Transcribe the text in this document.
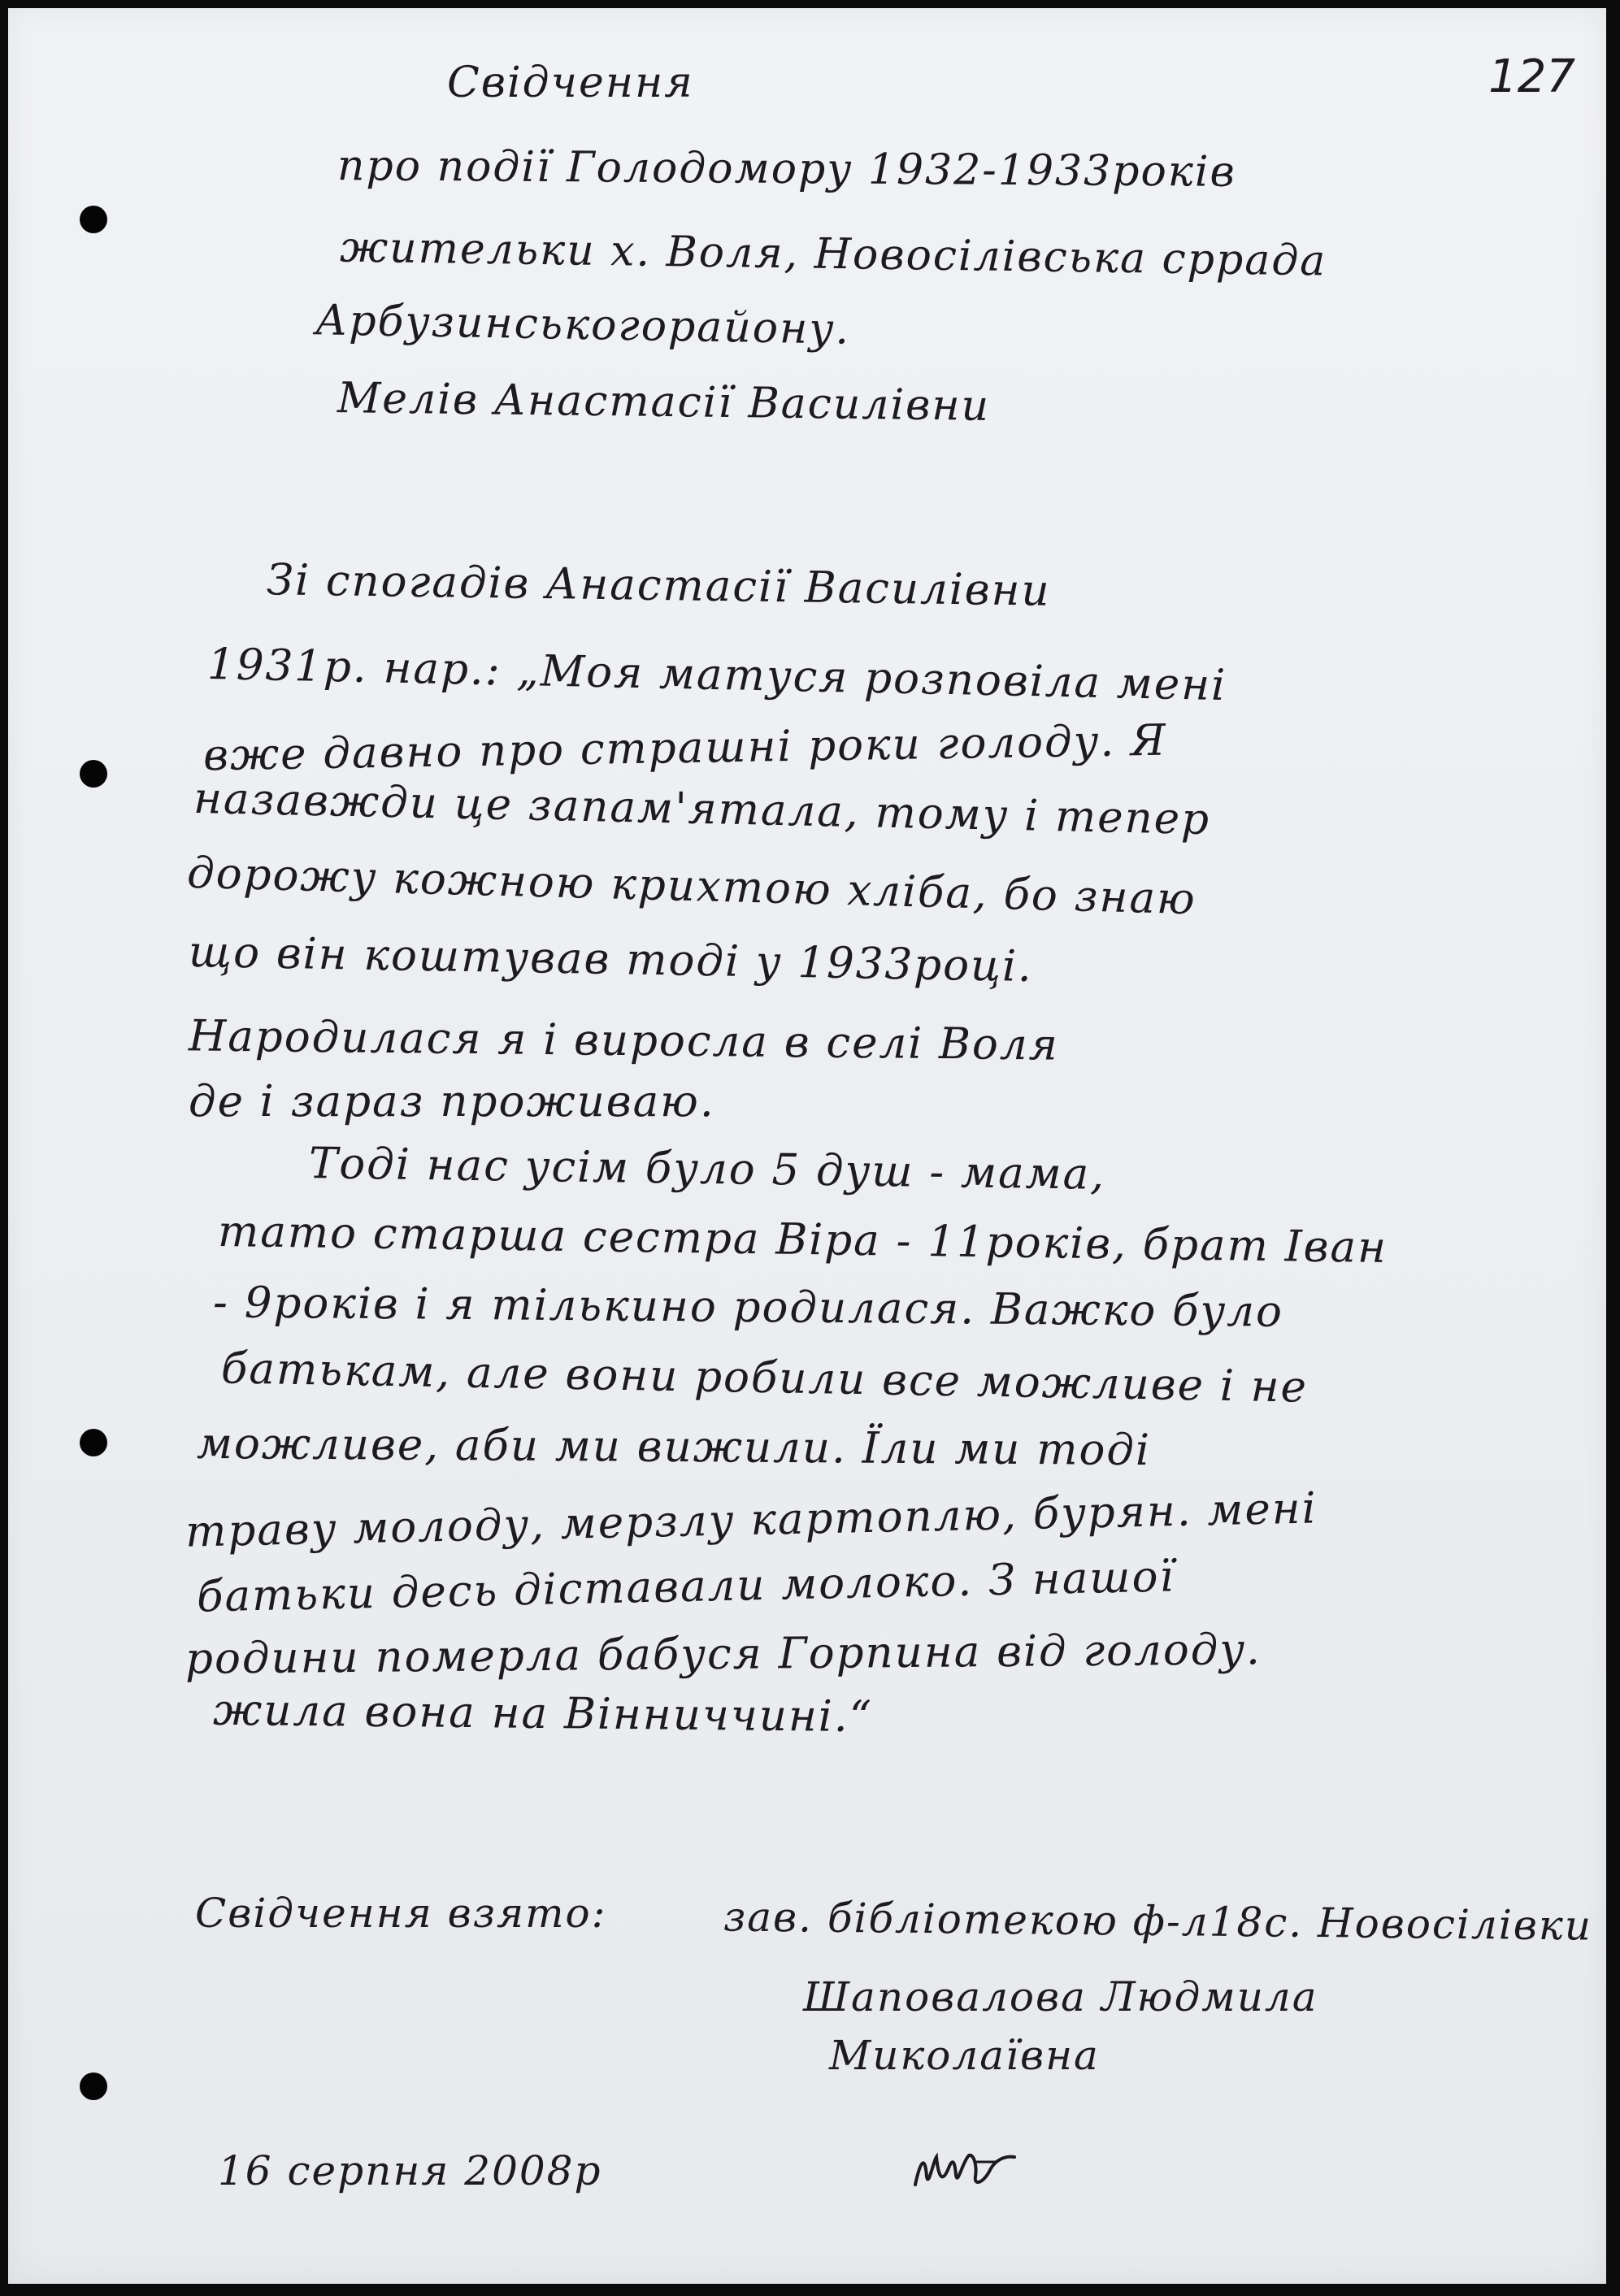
127
Свідчення
про події Голодомору 1932-1933років
жительки х. Воля, Новосілівська сррада
Арбузинськогорайону.
Мелів Анастасії Василівни
Зі спогадів Анастасії Василівни
1931р. нар.: „Моя матуся розповіла мені
вже давно про страшні роки голоду. Я
назавжди це запам'ятала, тому і тепер
дорожу кожною крихтою хліба, бо знаю
що він коштував тоді у 1933році.
Народилася я і виросла в селі Воля
де і зараз проживаю.
Тоді нас усім було 5 душ - мама,
тато старша сестра Віра - 11років, брат Іван
- 9років і я тількино родилася. Важко було
батькам, але вони робили все можливе і не
можливе, аби ми вижили. Їли ми тоді
траву молоду, мерзлу картоплю, бурян. мені
батьки десь діставали молоко. З нашої
родини померла бабуся Горпина від голоду.
жила вона на Вінниччині.“
Свідчення взято:	зав. бібліотекою ф-л18с. Новосілівки
Шаповалова Людмила
Миколаївна
16 серпня 2008р
